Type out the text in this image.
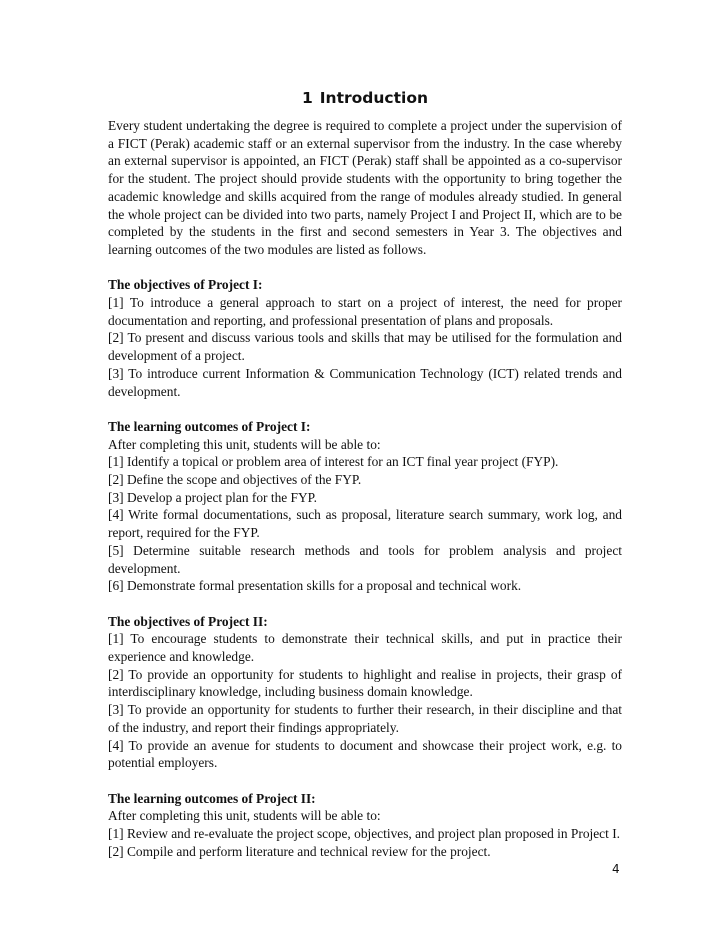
1 Introduction

Every student undertaking the degree is required to complete a project under the supervision of a FICT (Perak) academic staff or an external supervisor from the industry. In the case whereby an external supervisor is appointed, an FICT (Perak) staff shall be appointed as a co-supervisor for the student. The project should provide students with the opportunity to bring together the academic knowledge and skills acquired from the range of modules already studied. In general the whole project can be divided into two parts, namely Project I and Project II, which are to be completed by the students in the first and second semesters in Year 3. The objectives and learning outcomes of the two modules are listed as follows.

The objectives of Project I:

[1] To introduce a general approach to start on a project of interest, the need for proper documentation and reporting, and professional presentation of plans and proposals.

[2] To present and discuss various tools and skills that may be utilised for the formulation and development of a project.

[3] To introduce current Information & Communication Technology (ICT) related trends and development.

The learning outcomes of Project I:

After completing this unit, students will be able to:

[1] Identify a topical or problem area of interest for an ICT final year project (FYP).

[2] Define the scope and objectives of the FYP.

[3] Develop a project plan for the FYP.

[4] Write formal documentations, such as proposal, literature search summary, work log, and report, required for the FYP.

[5] Determine suitable research methods and tools for problem analysis and project development.

[6] Demonstrate formal presentation skills for a proposal and technical work.

The objectives of Project II:

[1] To encourage students to demonstrate their technical skills, and put in practice their experience and knowledge.

[2] To provide an opportunity for students to highlight and realise in projects, their grasp of interdisciplinary knowledge, including business domain knowledge.

[3] To provide an opportunity for students to further their research, in their discipline and that of the industry, and report their findings appropriately.

[4] To provide an avenue for students to document and showcase their project work, e.g. to potential employers.

The learning outcomes of Project II:

After completing this unit, students will be able to:

[1] Review and re-evaluate the project scope, objectives, and project plan proposed in Project I.

[2] Compile and perform literature and technical review for the project.

4
